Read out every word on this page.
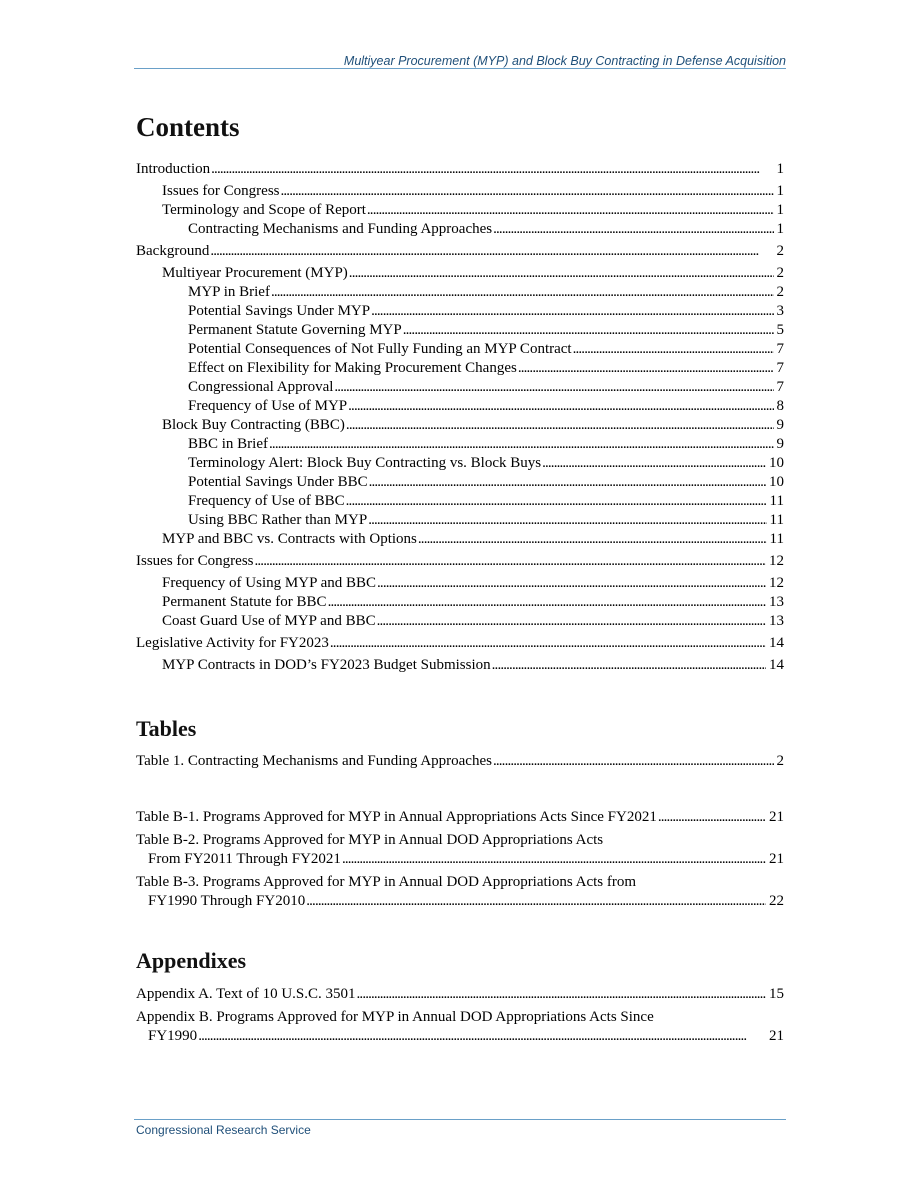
Multiyear Procurement (MYP) and Block Buy Contracting in Defense Acquisition
Contents
Introduction . . .	1
Issues for Congress . . .	1
Terminology and Scope of Report . . .	1
Contracting Mechanisms and Funding Approaches . . .	1
Background . . .	2
Multiyear Procurement (MYP) . . .	2
MYP in Brief . . .	2
Potential Savings Under MYP . . .	3
Permanent Statute Governing MYP . . .	5
Potential Consequences of Not Fully Funding an MYP Contract . . .	7
Effect on Flexibility for Making Procurement Changes . . .	7
Congressional Approval . . .	7
Frequency of Use of MYP . . .	8
Block Buy Contracting (BBC) . . .	9
BBC in Brief . . .	9
Terminology Alert: Block Buy Contracting vs. Block Buys . . .	10
Potential Savings Under BBC . . .	10
Frequency of Use of BBC . . .	11
Using BBC Rather than MYP . . .	11
MYP and BBC vs. Contracts with Options . . .	11
Issues for Congress . . .	12
Frequency of Using MYP and BBC . . .	12
Permanent Statute for BBC . . .	13
Coast Guard Use of MYP and BBC . . .	13
Legislative Activity for FY2023 . . .	14
MYP Contracts in DOD’s FY2023 Budget Submission . . .	14
Tables
Table 1. Contracting Mechanisms and Funding Approaches . . .	2
Table B-1. Programs Approved for MYP in Annual Appropriations Acts Since FY2021 . . .	21
Table B-2. Programs Approved for MYP in Annual DOD Appropriations Acts
From FY2011 Through FY2021 . . .	21
Table B-3. Programs Approved for MYP in Annual DOD Appropriations Acts from
FY1990 Through FY2010 . . .	22
Appendixes
Appendix A. Text of 10 U.S.C. 3501 . . .	15
Appendix B. Programs Approved for MYP in Annual DOD Appropriations Acts Since
FY1990 . . .	21
Congressional Research Service
